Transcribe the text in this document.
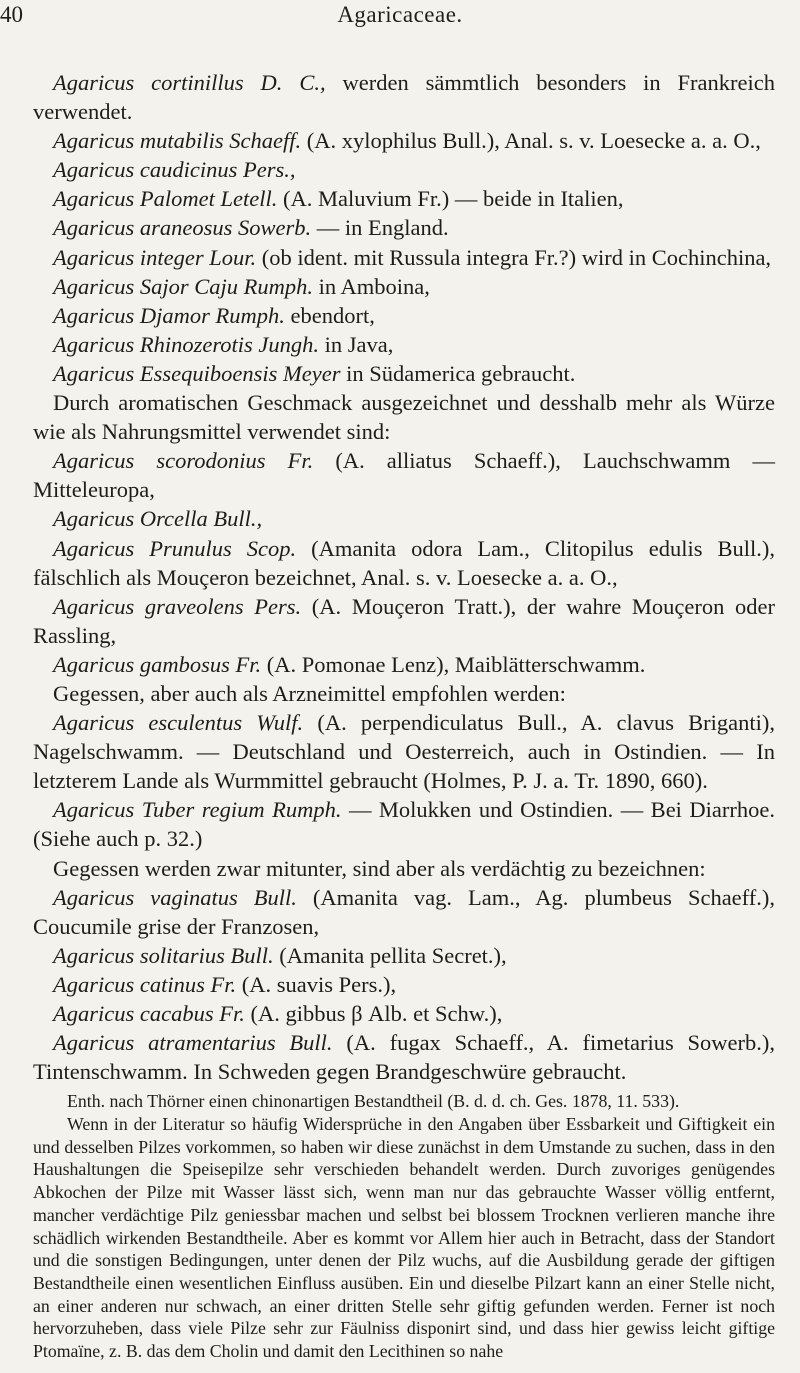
40	Agaricaceae.

Agaricus cortinillus D. C., werden sämmtlich besonders in Frankreich verwendet.

Agaricus mutabilis Schaeff. (A. xylophilus Bull.), Anal. s. v. Loesecke a. a. O.,

Agaricus caudicinus Pers.,

Agaricus Palomet Letell. (A. Maluvium Fr.) — beide in Italien,

Agaricus araneosus Sowerb. — in England.

Agaricus integer Lour. (ob ident. mit Russula integra Fr.?) wird in Cochinchina,

Agaricus Sajor Caju Rumph. in Amboina,

Agaricus Djamor Rumph. ebendort,

Agaricus Rhinozerotis Jungh. in Java,

Agaricus Essequiboensis Meyer in Südamerica gebraucht.

Durch aromatischen Geschmack ausgezeichnet und desshalb mehr als Würze wie als Nahrungsmittel verwendet sind:

Agaricus scorodonius Fr. (A. alliatus Schaeff.), Lauchschwamm — Mitteleuropa,

Agaricus Orcella Bull.,

Agaricus Prunulus Scop. (Amanita odora Lam., Clitopilus edulis Bull.), fälschlich als Mouçeron bezeichnet, Anal. s. v. Loesecke a. a. O.,

Agaricus graveolens Pers. (A. Mouçeron Tratt.), der wahre Mouçeron oder Rassling,

Agaricus gambosus Fr. (A. Pomonae Lenz), Maiblätterschwamm.

Gegessen, aber auch als Arzneimittel empfohlen werden:

Agaricus esculentus Wulf. (A. perpendiculatus Bull., A. clavus Briganti), Nagelschwamm. — Deutschland und Oesterreich, auch in Ostindien. — In letzterem Lande als Wurmmittel gebraucht (Holmes, P. J. a. Tr. 1890, 660).

Agaricus Tuber regium Rumph. — Molukken und Ostindien. — Bei Diarrhoe. (Siehe auch p. 32.)

Gegessen werden zwar mitunter, sind aber als verdächtig zu bezeichnen:

Agaricus vaginatus Bull. (Amanita vag. Lam., Ag. plumbeus Schaeff.), Coucumile grise der Franzosen,

Agaricus solitarius Bull. (Amanita pellita Secret.),

Agaricus catinus Fr. (A. suavis Pers.),

Agaricus cacabus Fr. (A. gibbus β Alb. et Schw.),

Agaricus atramentarius Bull. (A. fugax Schaeff., A. fimetarius Sowerb.), Tintenschwamm. In Schweden gegen Brandgeschwüre gebraucht.

Enth. nach Thörner einen chinonartigen Bestandtheil (B. d. d. ch. Ges. 1878, 11. 533).

Wenn in der Literatur so häufig Widersprüche in den Angaben über Essbarkeit und Giftigkeit ein und desselben Pilzes vorkommen, so haben wir diese zunächst in dem Umstande zu suchen, dass in den Haushaltungen die Speisepilze sehr verschieden behandelt werden. Durch zuvoriges genügendes Abkochen der Pilze mit Wasser lässt sich, wenn man nur das gebrauchte Wasser völlig entfernt, mancher verdächtige Pilz geniessbar machen und selbst bei blossem Trocknen verlieren manche ihre schädlich wirkenden Bestandtheile. Aber es kommt vor Allem hier auch in Betracht, dass der Standort und die sonstigen Bedingungen, unter denen der Pilz wuchs, auf die Ausbildung gerade der giftigen Bestandtheile einen wesentlichen Einfluss ausüben. Ein und dieselbe Pilzart kann an einer Stelle nicht, an einer anderen nur schwach, an einer dritten Stelle sehr giftig gefunden werden. Ferner ist noch hervorzuheben, dass viele Pilze sehr zur Fäulniss disponirt sind, und dass hier gewiss leicht giftige Ptomaïne, z. B. das dem Cholin und damit den Lecithinen so nahe
